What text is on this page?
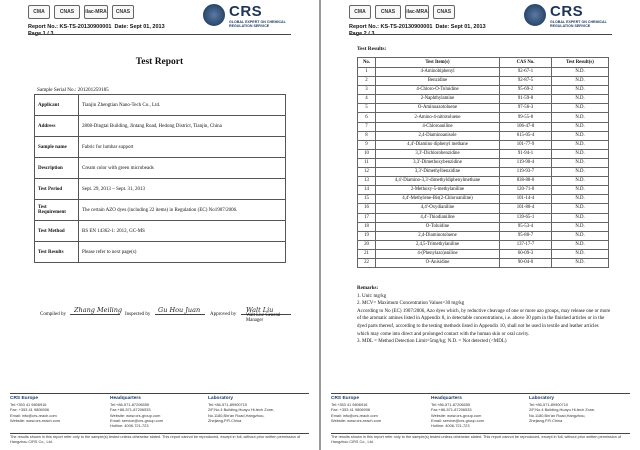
CMA	CNAS	ilac-MRA	CNAS
Report No.: KS-TS-20130900001 Date: Sept 01, 2013
CRS
GLOBAL EXPERT ON CHEMICAL REGULATION SERVICE
Test Report
Sample Serial No.: 201201259185
Applicant	Tianjin Zhengtian Nano-Tech Co., Ltd.
Address	2808-Dingtai Building, Jintang Road, Hedong District, Tianjin, China
Sample name	Fabric for lumbar support
Description	Cream color with green microbeads
Test Period	Sept. 29, 2013 ~ Sept. 31, 2013
Test Requirement	The certain AZO dyes (including 22 items) in Regulation (EC) No1907/2006.
Test Method	BS EN 14362-1: 2012, GC-MS
Test Results	Please refer to next page(s)
Compiled by
Zhang Meiling
Inspected by
Gu Hou Juan
Approved by
Walt Liu
Walt Liu/ General Manager
CRS Europe
Tel:+353 41 9806916
Fax: +353 41 9806906
Email: info@crs-reach.com
Website: www.crs-reach.com
Headquarters
Tel:+86-571-87206555
Fax:+86-571-87206533
Website: www.crs-group.com
Email: service@crs-group.com
Hotline: 4006-721-723
Laboratory
Tel:+86-571-89900710
2/F,No.4 Building,Huayu Hi-tech Zone,
No.1180,Bin'an Road,Hangzhou,
Zhejiang,P.R.China
The results shown in this report refer only to the sample(s) tested unless otherwise stated. This report cannot be reproduced, except in full, without prior written permission of Hangzhou CIRS Co., Ltd.
CMA	CNAS	ilac-MRA	CNAS
Report No.: KS-TS-20130900001 Date: Sept 01, 2013
CRS
GLOBAL EXPERT ON CHEMICAL REGULATION SERVICE
Test Results:
No.	Test Item(s)	CAS No.	Test Result(s)
1	4-Aminobiphenyl	92-67-1	N.D.
2	Benzidine	92-87-5	N.D.
3	4-Chloro-O-Toluidine	95-69-2	N.D.
4	2-Naphthylamine	91-59-8	N.D.
5	O-Aminoazotoluene	97-56-3	N.D.
6	2-Amino-4-nitrotoluene	99-55-8	N.D.
7	4-Chloroaniline	106-47-8	N.D.
8	2,4-Diaminoanisole	615-05-4	N.D.
9	4,4'-Diamino diphenyl methane	101-77-9	N.D.
10	3,3'-Dichlorobenzidine	91-94-1	N.D.
11	3,3'-Dimethoxybenzidine	119-90-4	N.D.
12	3,3'-Dimethylbenzidine	119-93-7	N.D.
13	4,4'-Diamino-3,3'-dimethyldiphenylmethane	838-88-0	N.D.
14	2-Methoxy-5-methylaniline	120-71-8	N.D.
15	4,4'-Methylene-Bis(2-Chloroaniline)	101-14-4	N.D.
16	4,4'-Oxydianiline	101-80-4	N.D.
17	4,4'-Thiodianiline	139-65-1	N.D.
18	O-Toluidine	95-53-4	N.D.
19	2,4-Diaminotoluene	95-80-7	N.D.
20	2,4,5-Trimethylaniline	137-17-7	N.D.
21	4-(Phenylazo)aniline	60-09-3	N.D.
22	O-Anisidine	90-04-0	N.D.
Remarks:
1. Unit: mg/kg
2. MCV= Maximum Concentration Values=30 mg/kg
According to No (EC) 1907/2006, Azo dyes which, by reductive cleavage of one or more azo groups, may release one or more of the aromatic amines listed in Appendix 8, in detectable concentrations, i.e. above 30 ppm in the finished articles or in the dyed parts thereof, according to the testing methods listed in Appendix 10, shall not be used in textile and leather articles which may come into direct and prolonged contact with the human skin or oral cavity.
3. MDL = Method Detection Limit=5mg/kg; N.D. = Not detected (<MDL)
CRS Europe
Tel:+353 41 9806916
Fax: +353 41 9806906
Email: info@crs-reach.com
Website: www.crs-reach.com
Headquarters
Tel:+86-571-87206555
Fax:+86-571-87206533
Website: www.crs-group.com
Email: service@crs-group.com
Hotline: 4006-721-723
Laboratory
Tel:+86-571-89900710
2/F,No.4 Building,Huayu Hi-tech Zone,
No.1180,Bin'an Road,Hangzhou,
Zhejiang,P.R.China
The results shown in this report refer only to the sample(s) tested unless otherwise stated. This report cannot be reproduced, except in full, without prior written permission of Hangzhou CIRS Co., Ltd.
